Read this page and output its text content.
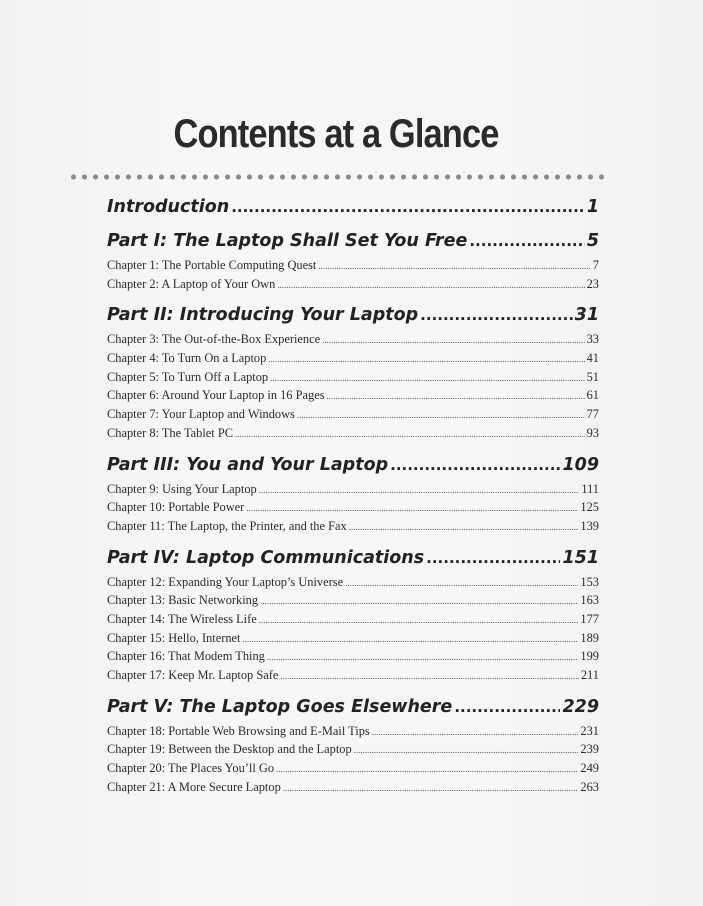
Contents at a Glance
Introduction .....	1
Part I: The Laptop Shall Set You Free .....	5
Chapter 1: The Portable Computing Quest .....	7
Chapter 2: A Laptop of Your Own .....	23
Part II: Introducing Your Laptop .....	31
Chapter 3: The Out-of-the-Box Experience .....	33
Chapter 4: To Turn On a Laptop .....	41
Chapter 5: To Turn Off a Laptop .....	51
Chapter 6: Around Your Laptop in 16 Pages .....	61
Chapter 7: Your Laptop and Windows .....	77
Chapter 8: The Tablet PC .....	93
Part III: You and Your Laptop .....	109
Chapter 9: Using Your Laptop .....	111
Chapter 10: Portable Power .....	125
Chapter 11: The Laptop, the Printer, and the Fax .....	139
Part IV: Laptop Communications .....	151
Chapter 12: Expanding Your Laptop’s Universe .....	153
Chapter 13: Basic Networking .....	163
Chapter 14: The Wireless Life .....	177
Chapter 15: Hello, Internet .....	189
Chapter 16: That Modem Thing .....	199
Chapter 17: Keep Mr. Laptop Safe .....	211
Part V: The Laptop Goes Elsewhere .....	229
Chapter 18: Portable Web Browsing and E-Mail Tips .....	231
Chapter 19: Between the Desktop and the Laptop .....	239
Chapter 20: The Places You’ll Go .....	249
Chapter 21: A More Secure Laptop .....	263
